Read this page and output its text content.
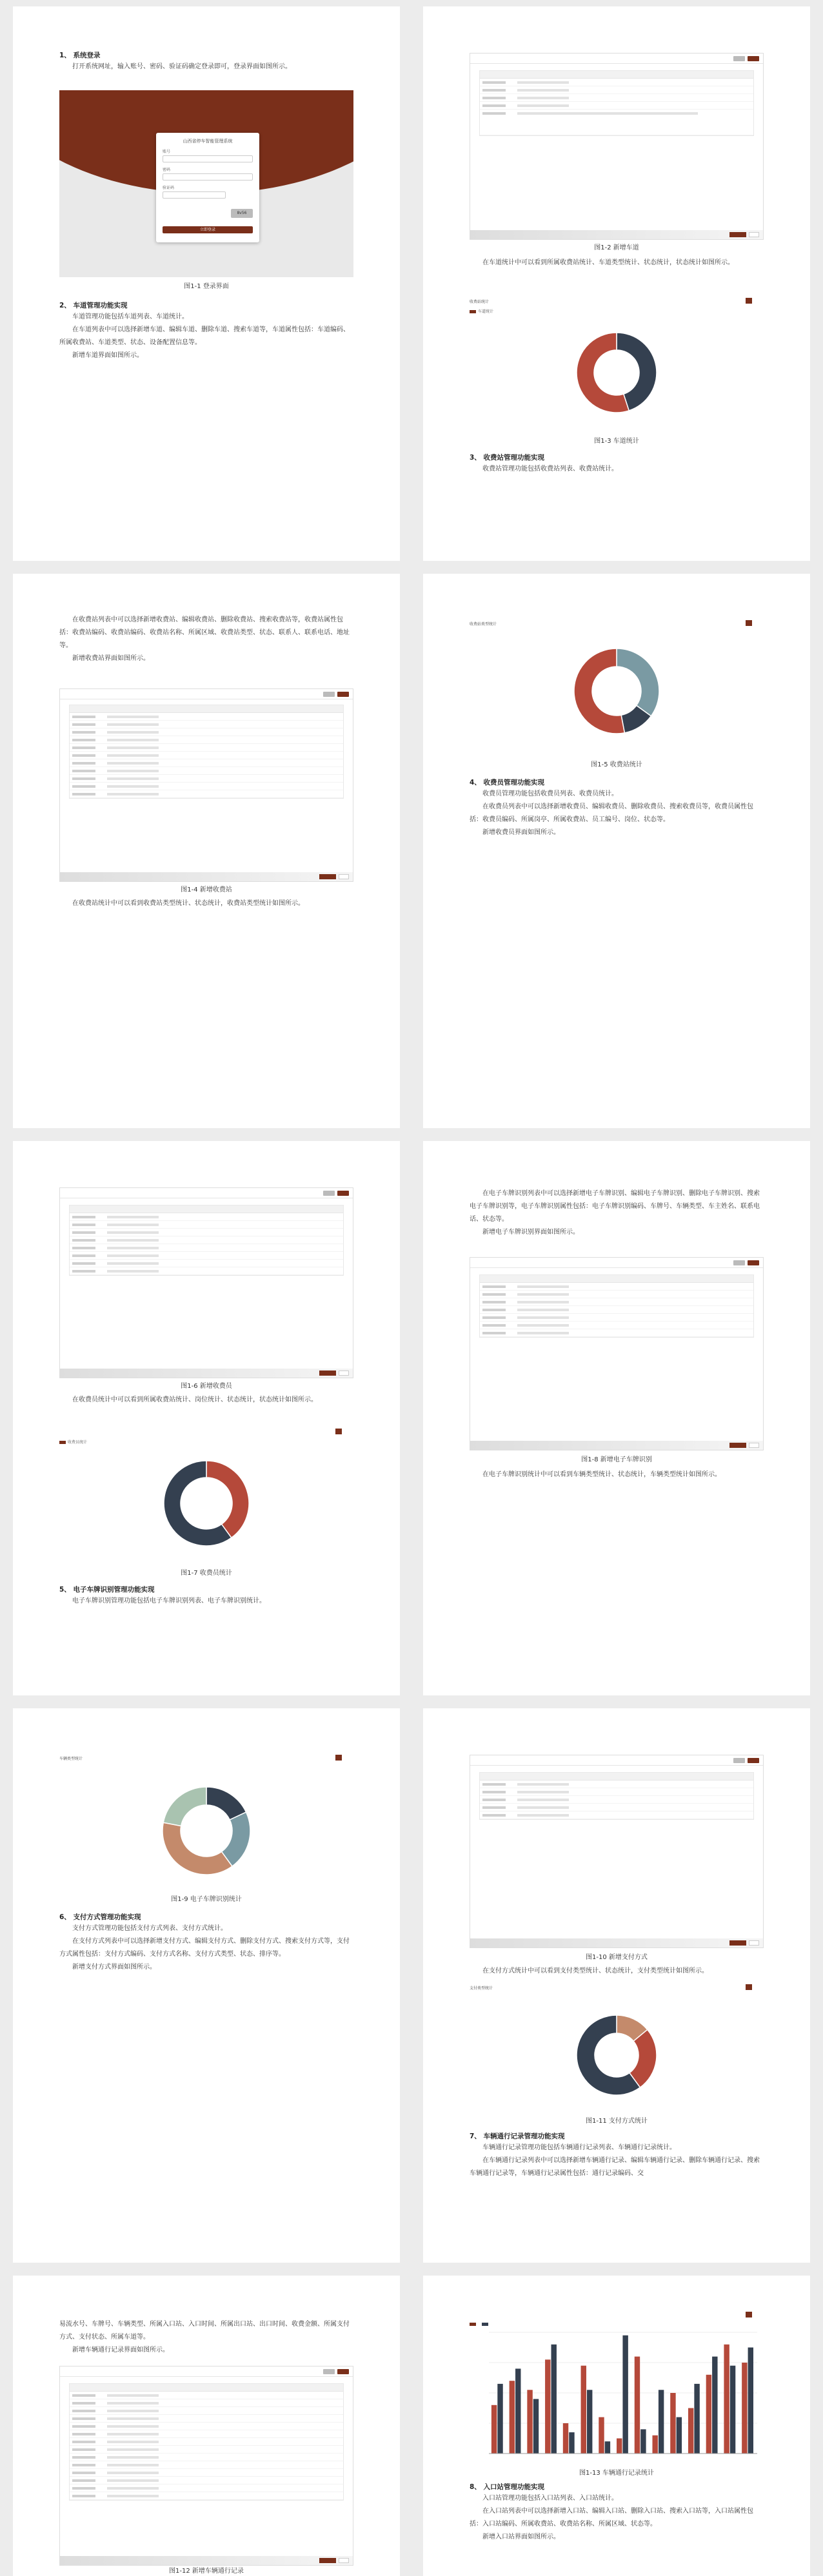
1、 系统登录
打开系统网址，输入账号、密码、验证码确定登录即可，登录界面如图所示。
山西省停车智能管理系统
账号
密码
验证码
8v56
立即登录
图1-1 登录界面
2、 车道管理功能实现
车道管理功能包括车道列表、车道统计。
在车道列表中可以选择新增车道、编辑车道、删除车道、搜索车道等，车道属性包括：车道编码、所属收费站、车道类型、状态、设备配置信息等。
新增车道界面如图所示。
图1-2 新增车道
在车道统计中可以看到所属收费站统计、车道类型统计、状态统计，状态统计如图所示。
收费站统计
车道统计
图1-3 车道统计
3、 收费站管理功能实现
收费站管理功能包括收费站列表、收费站统计。
在收费站列表中可以选择新增收费站、编辑收费站、删除收费站、搜索收费站等，收费站属性包括：收费站编码、收费站编码、收费站名称、所属区域、收费站类型、状态、联系人、联系电话、地址等。
新增收费站界面如图所示。
图1-4 新增收费站
在收费站统计中可以看到收费站类型统计、状态统计，收费站类型统计如图所示。
收费站类型统计
图1-5 收费站统计
4、 收费员管理功能实现
收费员管理功能包括收费员列表、收费员统计。
在收费员列表中可以选择新增收费员、编辑收费员、删除收费员、搜索收费员等，收费员属性包括：收费员编码、所属岗亭、所属收费站、员工编号、岗位、状态等。
新增收费员界面如图所示。
图1-6 新增收费员
在收费员统计中可以看到所属收费站统计、岗位统计、状态统计，状态统计如图所示。
收费员统计
图1-7 收费员统计
5、 电子车牌识别管理功能实现
电子车牌识别管理功能包括电子车牌识别列表、电子车牌识别统计。
在电子车牌识别列表中可以选择新增电子车牌识别、编辑电子车牌识别、删除电子车牌识别、搜索电子车牌识别等，电子车牌识别属性包括：电子车牌识别编码、车牌号、车辆类型、车主姓名、联系电话、状态等。
新增电子车牌识别界面如图所示。
图1-8 新增电子车牌识别
在电子车牌识别统计中可以看到车辆类型统计、状态统计，车辆类型统计如图所示。
车辆类型统计
图1-9 电子车牌识别统计
6、 支付方式管理功能实现
支付方式管理功能包括支付方式列表、支付方式统计。
在支付方式列表中可以选择新增支付方式、编辑支付方式、删除支付方式、搜索支付方式等，支付方式属性包括：支付方式编码、支付方式名称、支付方式类型、状态、排序等。
新增支付方式界面如图所示。
图1-10 新增支付方式
在支付方式统计中可以看到支付类型统计、状态统计，支付类型统计如图所示。
支付类型统计
图1-11 支付方式统计
7、 车辆通行记录管理功能实现
车辆通行记录管理功能包括车辆通行记录列表、车辆通行记录统计。
在车辆通行记录列表中可以选择新增车辆通行记录、编辑车辆通行记录、删除车辆通行记录、搜索车辆通行记录等，车辆通行记录属性包括：通行记录编码、交
易流水号、车牌号、车辆类型、所属入口站、入口时间、所属出口站、出口时间、收费金额、所属支付方式、支付状态、所属车道等。
新增车辆通行记录界面如图所示。
图1-12 新增车辆通行记录
图1-13 车辆通行记录统计
8、 入口站管理功能实现
入口站管理功能包括入口站列表、入口站统计。
在入口站列表中可以选择新增入口站、编辑入口站、删除入口站、搜索入口站等，入口站属性包括：入口站编码、所属收费站、收费站名称、所属区域、状态等。
新增入口站界面如图所示。
